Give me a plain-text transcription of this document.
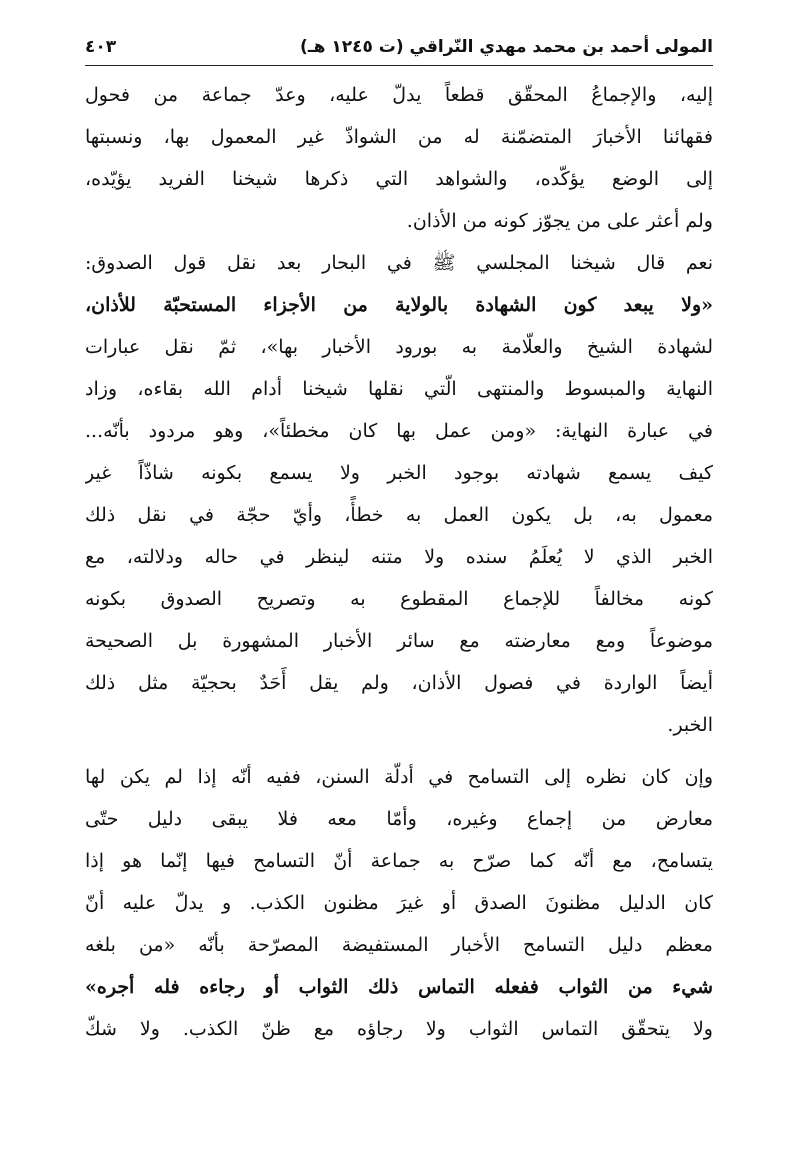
المولى أحمد بن محمد مهدي النّراقي (ت ١٢٤٥ هـ)
٤٠٣
إليه، والإجماعُ المحقّق قطعاً يدلّ عليه، وعدّ جماعة من فحول
فقهائنا الأخبارَ المتضمّنة له من الشواذّ غير المعمول بها، ونسبتها
إلى الوضع يؤكّده، والشواهد التي ذكرها شيخنا الفريد يؤيّده،
ولم أعثر على من يجوّز كونه من الأذان.
نعم قال شيخنا المجلسي ﷺ في البحار بعد نقل قول الصدوق:
«ولا يبعد كون الشهادة بالولاية من الأجزاء المستحبّة للأذان،
لشهادة الشيخ والعلّامة به بورود الأخبار بها»، ثمّ نقل عبارات
النهاية والمبسوط والمنتهى الّتي نقلها شيخنا أدام الله بقاءه، وزاد
في عبارة النهاية: «ومن عمل بها كان مخطئاً»، وهو مردود بأنّه...
كيف يسمع شهادته بوجود الخبر ولا يسمع بكونه شاذّاً غير
معمول به، بل يكون العمل به خطأً، وأيّ حجّة في نقل ذلك
الخبر الذي لا يُعلَمُ سنده ولا متنه لينظر في حاله ودلالته، مع
كونه مخالفاً للإجماع المقطوع به وتصريح الصدوق بكونه
موضوعاً ومع معارضته مع سائر الأخبار المشهورة بل الصحيحة
أيضاً الواردة في فصول الأذان، ولم يقل أَحَدٌ بحجيّة مثل ذلك
الخبر.
وإن كان نظره إلى التسامح في أدلّة السنن، ففيه أنّه إذا لم يكن لها
معارض من إجماع وغيره، وأمّا معه فلا يبقى دليل حتّى
يتسامح، مع أنّه كما صرّح به جماعة أنّ التسامح فيها إنّما هو إذا
كان الدليل مظنونَ الصدق أو غيرَ مظنون الكذب. و يدلّ عليه أنّ
معظم دليل التسامح الأخبار المستفيضة المصرّحة بأنّه «من بلغه
شيء من الثواب ففعله التماس ذلك الثواب أو رجاءه فله أجره»
ولا يتحقّق التماس الثواب ولا رجاؤه مع ظنّ الكذب. ولا شكّ
